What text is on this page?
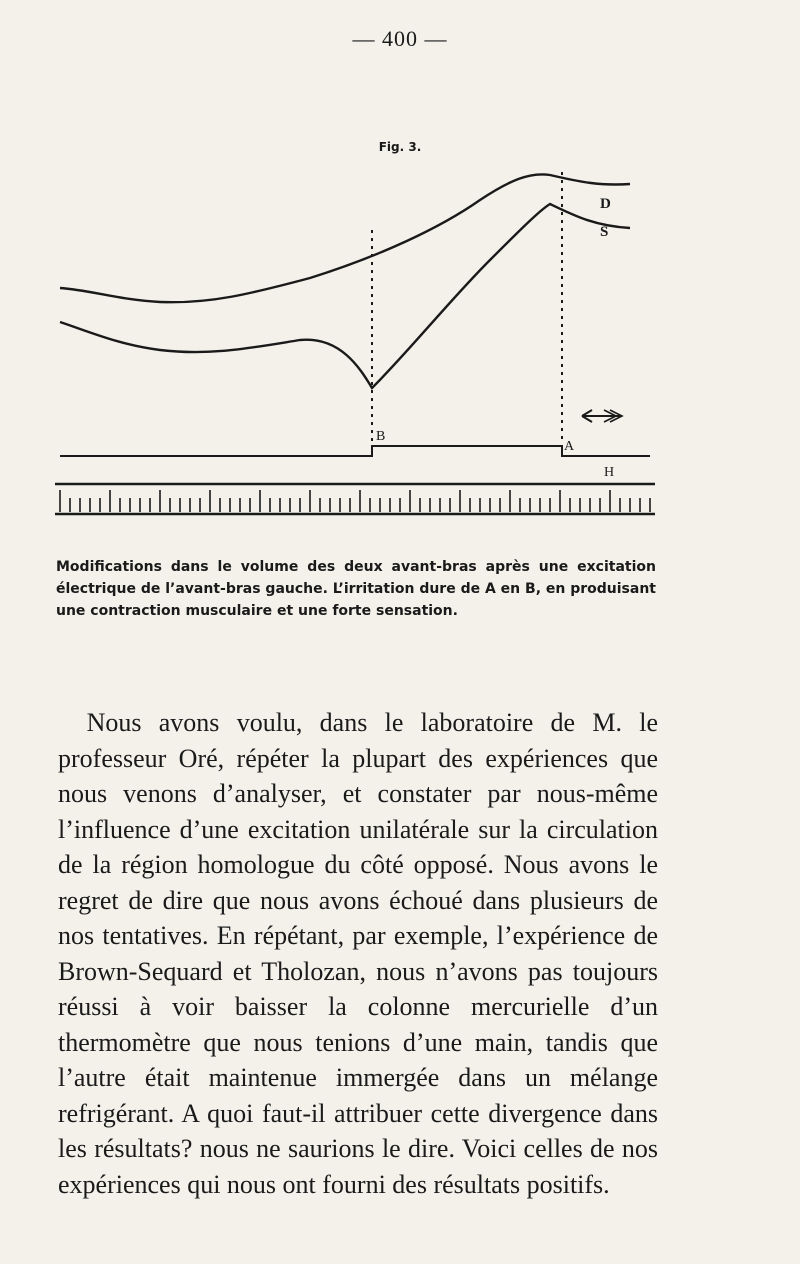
— 400 —
Fig. 3.
D
S
B
A
H
Modifications dans le volume des deux avant-bras après une excitation électrique de l’avant-bras gauche. L’irritation dure de A en B, en produisant une contraction musculaire et une forte sensation.

Nous avons voulu, dans le laboratoire de M. le professeur Oré, répéter la plupart des expériences que nous venons d’analyser, et constater par nous-même l’influence d’une excitation unilatérale sur la circulation de la région homologue du côté opposé. Nous avons le regret de dire que nous avons échoué dans plusieurs de nos tentatives. En répétant, par exemple, l’expérience de Brown-Sequard et Tholozan, nous n’avons pas toujours réussi à voir baisser la colonne mercurielle d’un thermomètre que nous tenions d’une main, tandis que l’autre était maintenue immergée dans un mélange refrigérant. A quoi faut-il attribuer cette divergence dans les résultats? nous ne saurions le dire. Voici celles de nos expériences qui nous ont fourni des résultats positifs.
